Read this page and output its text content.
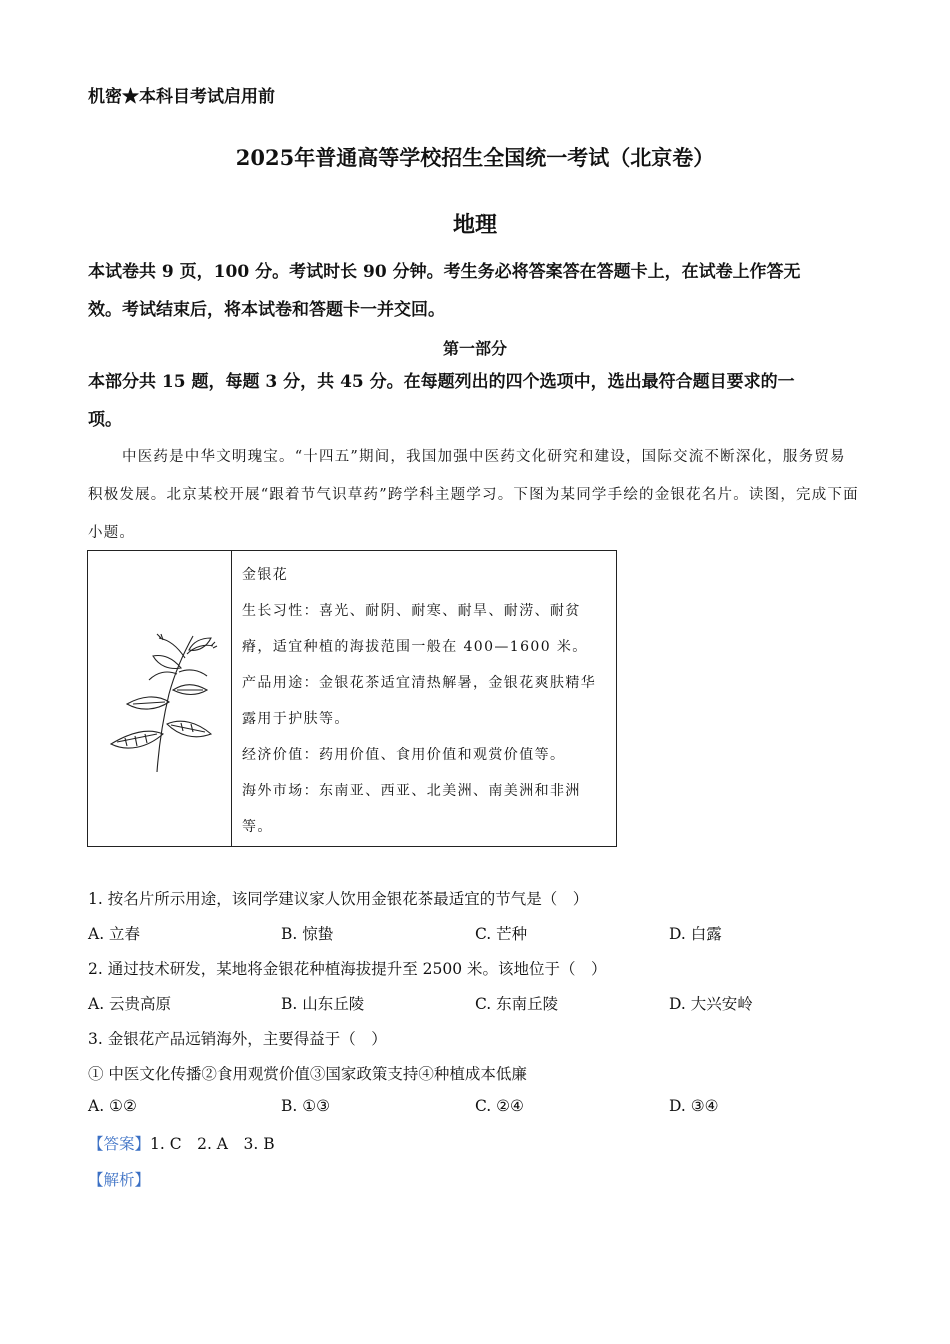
机密★本科目考试启用前
2025年普通高等学校招生全国统一考试（北京卷）
地理
本试卷共 9 页，100 分。考试时长 90 分钟。考生务必将答案答在答题卡上，在试卷上作答无
效。考试结束后，将本试卷和答题卡一并交回。
第一部分
本部分共 15 题，每题 3 分，共 45 分。在每题列出的四个选项中，选出最符合题目要求的一
项。
中医药是中华文明瑰宝。“十四五”期间，我国加强中医药文化研究和建设，国际交流不断深化，服务贸易积极发展。北京某校开展“跟着节气识草药”跨学科主题学习。下图为某同学手绘的金银花名片。读图，完成下面小题。
金银花
生长习性：喜光、耐阴、耐寒、耐旱、耐涝、耐贫瘠，适宜种植的海拔范围一般在 400—1600 米。
产品用途：金银花茶适宜清热解暑，金银花爽肤精华露用于护肤等。
经济价值：药用价值、食用价值和观赏价值等。
海外市场：东南亚、西亚、北美洲、南美洲和非洲等。
1. 按名片所示用途，该同学建议家人饮用金银花茶最适宜的节气是（　）
A. 立春	B. 惊蛰	C. 芒种	D. 白露
2. 通过技术研发，某地将金银花种植海拔提升至 2500 米。该地位于（　）
A. 云贵高原	B. 山东丘陵	C. 东南丘陵	D. 大兴安岭
3. 金银花产品远销海外，主要得益于（　）
① 中医文化传播②食用观赏价值③国家政策支持④种植成本低廉
A. ①②	B. ①③	C. ②④	D. ③④
【答案】1. C　2. A　3. B
【解析】
